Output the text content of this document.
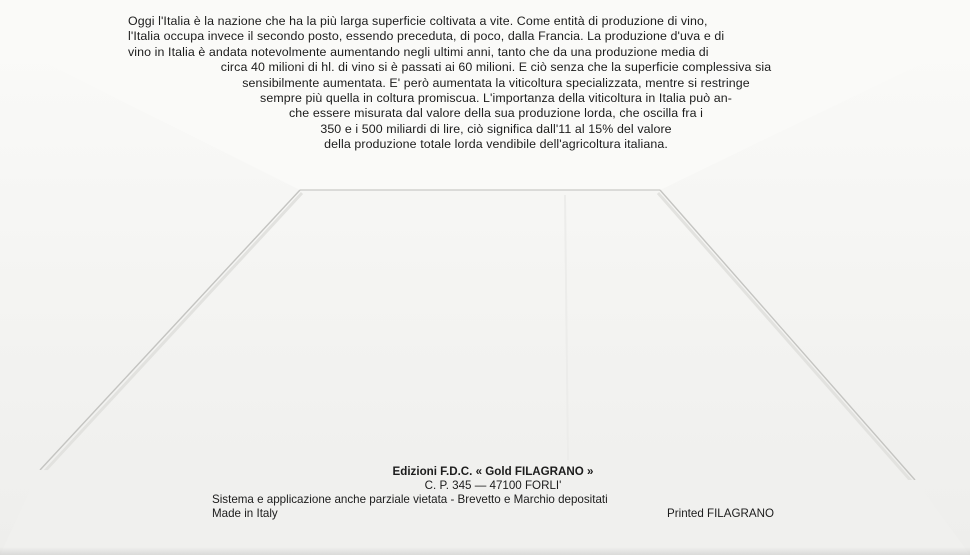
Oggi l'Italia è la nazione che ha la più larga superficie coltivata a vite. Come entità di produzione di vino,
l'Italia occupa invece il secondo posto, essendo preceduta, di poco, dalla Francia. La produzione d'uva e di
vino in Italia è andata notevolmente aumentando negli ultimi anni, tanto che da una produzione media di
circa 40 milioni di hl. di vino si è passati ai 60 milioni. E ciò senza che la superficie complessiva sia
sensibilmente aumentata. E' però aumentata la viticoltura specializzata, mentre si restringe
sempre più quella in coltura promiscua. L'importanza della viticoltura in Italia può an-
che essere misurata dal valore della sua produzione lorda, che oscilla fra i
350 e i 500 miliardi di lire, ciò significa dall'11 al 15% del valore
della produzione totale lorda vendibile dell'agricoltura italiana.
Edizioni F.D.C. « Gold FILAGRANO »
C. P. 345 — 47100 FORLI'
Sistema e applicazione anche parziale vietata - Brevetto e Marchio depositati
Made in Italy	Printed FILAGRANO
